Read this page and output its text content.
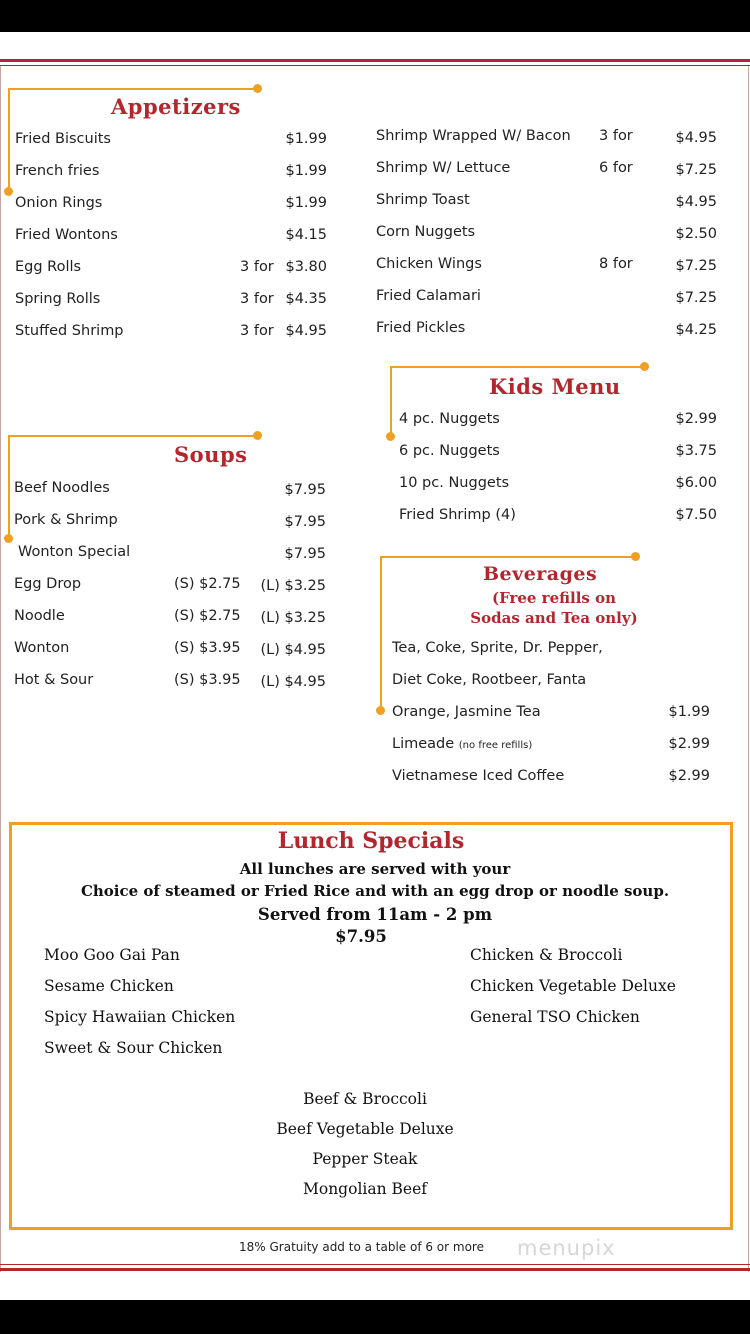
Appetizers
Fried Biscuits	$1.99
French fries	$1.99
Onion Rings	$1.99
Fried Wontons	$4.15
Egg Rolls	3 for $3.80
Spring Rolls	3 for $4.35
Stuffed Shrimp	3 for $4.95
Shrimp Wrapped W/ Bacon 3 for	$4.95
Shrimp W/ Lettuce	6 for	$7.25
Shrimp Toast	$4.95
Corn Nuggets	$2.50
Chicken Wings	8 for	$7.25
Fried Calamari	$7.25
Fried Pickles	$4.25
Soups
Beef Noodles	$7.95
Pork & Shrimp	$7.95
Wonton Special	$7.95
Egg Drop	(S) $2.75 (L) $3.25
Noodle	(S) $2.75 (L) $3.25
Wonton	(S) $3.95 (L) $4.95
Hot & Sour	(S) $3.95 (L) $4.95
Kids Menu
4 pc. Nuggets	$2.99
6 pc. Nuggets	$3.75
10 pc. Nuggets	$6.00
Fried Shrimp (4)	$7.50
Beverages
(Free refills on
Sodas and Tea only)
Tea, Coke, Sprite, Dr. Pepper,
Diet Coke, Rootbeer, Fanta
Orange, Jasmine Tea	$1.99
Limeade (no free refills)	$2.99
Vietnamese Iced Coffee	$2.99
Lunch Specials
All lunches are served with your
Choice of steamed or Fried Rice and with an egg drop or noodle soup.
Served from 11am - 2 pm
$7.95
Moo Goo Gai Pan
Sesame Chicken
Spicy Hawaiian Chicken
Sweet & Sour Chicken
Chicken & Broccoli
Chicken Vegetable Deluxe
General TSO Chicken
Beef & Broccoli
Beef Vegetable Deluxe
Pepper Steak
Mongolian Beef
18% Gratuity add to a table of 6 or more menupix
